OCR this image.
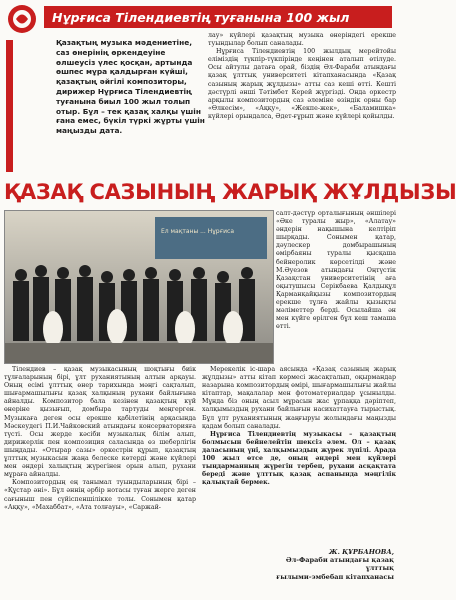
Нұрғиса Тілендиевтің туғанына 100 жыл
Қазақтың музыка мәдениетіне, саз өнерінің өркендеуіне өлшеусіз үлес қосқан, артында өшпес мұра қалдырған күйші, қазақтың әйгілі композиторы, дирижер Нұрғиса Тілендиевтің туғанына биыл 100 жыл толып отыр. Бұл – тек қазақ халқы үшін ғана емес, бүкіл түркі жұрты үшін маңызды дата.

лау» күйлері қазақтың музыка өнеріндегі ерекше туындылар болып саналады.

Нұрғиса Тілендиевтің 100 жылдық мерейтойы еліміздің түкпір-түкпірінде кеңінен аталып өтілуде. Осы айтулы датаға орай, біздің Әл-Фараби атындағы қазақ ұлттық университеті кітапханасында «Қазақ сазының жарық жұлдызы» атты саз кеші өтті. Кешті дәстүрлі әнші Тәтімбет Керей жүргізді. Онда оркестр арқылы композитордың саз әлеміне өзіндік орны бар «Өлкесім», «Аққу», «Жекпе-жек», «Баламишка» күйлері орындалса, Әдет-ғұрып және күйлері қойылды.

ҚАЗАҚ САЗЫНЫҢ ЖАРЫҚ ЖҰЛДЫЗЫ
Ел мақтаны ... Нұрғиса

салт-дәстүр орталығының әншілері «Әке туралы жыр», «Алатау» әндерін нақышына келтіріп шырқады. Сонымен қатар, дәулескер домбырашының өмірбаяны туралы қысқаша бейнеролик көрсетілді және М.Әуезов атындағы Оңтүстік Қазақстан университетінің аға оқытушысы Серікбаева Қалдықұл Қарманқайқызы композитордың ерекше тұлға жайлы қызықты мәліметтер берді. Осылайша ән мен күйге өрілген бұл кеш тамаша өтті.

Тілендиев – қазақ музыкасының шоқтығы биік тұлғаларының бірі, ұлт руханиятының алтын арқауы. Оның есімі ұлттық өнер тарихында мәңгі сақталып, шығармашылығы қазақ халқының рухани байлығына айналды. Композитор бала кезінен қазақтың күй өнеріне қызығып, домбыра тартуды меңгерген. Музыкаға деген осы ерекше қабілетінің арқасында Мәскеудегі П.И.Чайковский атындағы консерваторияға түсті. Осы жерде кәсіби музыкалық білім алып, дирижерлік пен композиция саласында өз шеберлігін шыңдады. «Отырар сазы» оркестрін құрып, қазақтың ұлттық музыкасын жаңа белеске көтерді және күйлері мен әндері халықтың жүрегінен орын алып, рухани мұраға айналды.

Композитордың ең танымал туындыларының бірі – «Құстар әні». Бұл әннің әрбір нотасы туған жерге деген сағыныш пен сүйіспеншілікке толы. Сонымен қатар «Аққу», «Махаббат», «Ата толғауы», «Саржай-

Мерекелік іс-шара аясында «Қазақ сазының жарық жұлдызы» атты кітап көрмесі жасақталып, оқырмандар назарына композитордың өмірі, шығармашылығы жайлы кітаптар, мақалалар мен фотоматериалдар ұсынылды. Мұнда біз оның асыл мұрасын жас ұрпаққа дәріптеп, халқымыздың рухани байлығын насихаттауға тырыстық. Бұл ұлт руханиятының жаңғыруы жолындағы маңызды қадам болып саналады.

Нұрғиса Тілендиевтің музыкасы – қазақтың болмысын бейнелейтін шексіз әлем. Ол – қазақ даласының үні, халқымыздың жүрек лүпілі. Арада 100 жыл өтсе де, оның әндері мен күйлері тыңдарманның жүрегін тербеп, рухани асқақтата береді және ұлттық қазақ аспанында мәңгілік қалықтай бермек.

Ж. ҚҰРБАНОВА,
Әл-Фараби атындағы қазақ
ұлттық
ғылыми-эмбебап кітапханасы
